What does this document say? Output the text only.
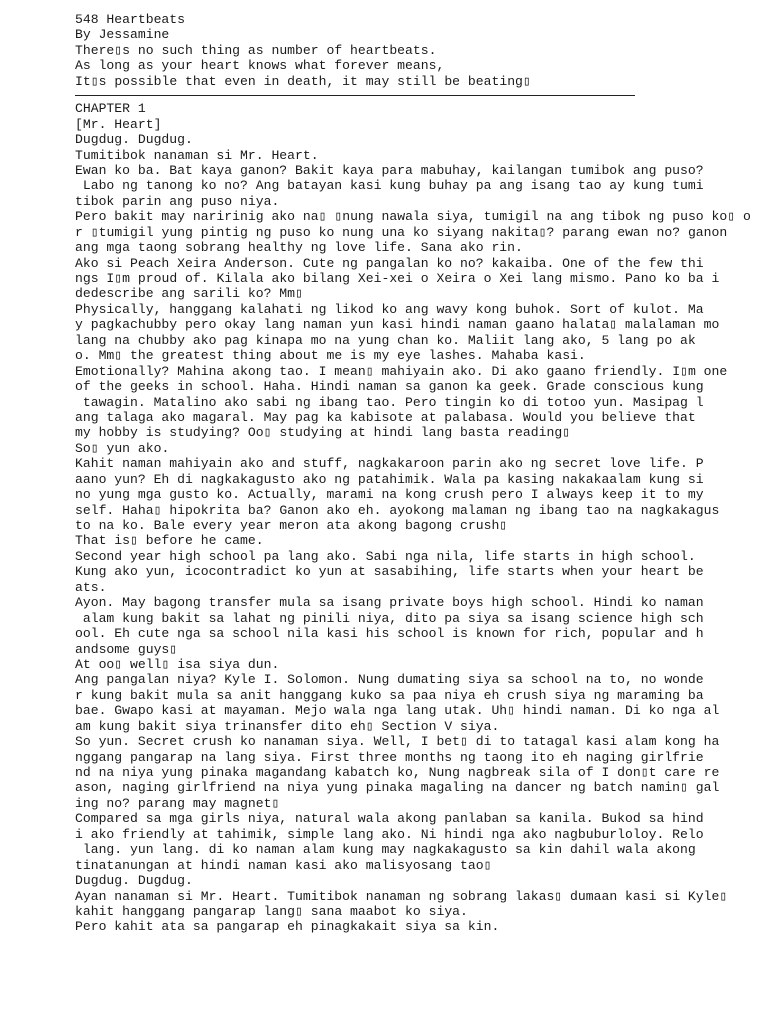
548 Heartbeats
By Jessamine
There▯s no such thing as number of heartbeats.
As long as your heart knows what forever means,
It▯s possible that even in death, it may still be beating▯
CHAPTER 1
[Mr. Heart]
Dugdug. Dugdug.
Tumitibok nanaman si Mr. Heart.
Ewan ko ba. Bat kaya ganon? Bakit kaya para mabuhay, kailangan tumibok ang puso?
Labo ng tanong ko no? Ang batayan kasi kung buhay pa ang isang tao ay kung tumi
tibok parin ang puso niya.
Pero bakit may naririnig ako na▯ ▯nung nawala siya, tumigil na ang tibok ng puso ko▯ o
r ▯tumigil yung pintig ng puso ko nung una ko siyang nakita▯? parang ewan no? ganon
ang mga taong sobrang healthy ng love life. Sana ako rin.
Ako si Peach Xeira Anderson. Cute ng pangalan ko no? kakaiba. One of the few thi
ngs I▯m proud of. Kilala ako bilang Xei-xei o Xeira o Xei lang mismo. Pano ko ba i
dedescribe ang sarili ko? Mm▯
Physically, hanggang kalahati ng likod ko ang wavy kong buhok. Sort of kulot. Ma
y pagkachubby pero okay lang naman yun kasi hindi naman gaano halata▯ malalaman mo
lang na chubby ako pag kinapa mo na yung chan ko. Maliit lang ako, 5 lang po ak
o. Mm▯ the greatest thing about me is my eye lashes. Mahaba kasi.
Emotionally? Mahina akong tao. I mean▯ mahiyain ako. Di ako gaano friendly. I▯m one
of the geeks in school. Haha. Hindi naman sa ganon ka geek. Grade conscious kung
tawagin. Matalino ako sabi ng ibang tao. Pero tingin ko di totoo yun. Masipag l
ang talaga ako magaral. May pag ka kabisote at palabasa. Would you believe that
my hobby is studying? Oo▯ studying at hindi lang basta reading▯
So▯ yun ako.
Kahit naman mahiyain ako and stuff, nagkakaroon parin ako ng secret love life. P
aano yun? Eh di nagkakagusto ako ng patahimik. Wala pa kasing nakakaalam kung si
no yung mga gusto ko. Actually, marami na kong crush pero I always keep it to my
self. Haha▯ hipokrita ba? Ganon ako eh. ayokong malaman ng ibang tao na nagkakagus
to na ko. Bale every year meron ata akong bagong crush▯
That is▯ before he came.
Second year high school pa lang ako. Sabi nga nila, life starts in high school.
Kung ako yun, icocontradict ko yun at sasabihing, life starts when your heart be
ats.
Ayon. May bagong transfer mula sa isang private boys high school. Hindi ko naman
alam kung bakit sa lahat ng pinili niya, dito pa siya sa isang science high sch
ool. Eh cute nga sa school nila kasi his school is known for rich, popular and h
andsome guys▯
At oo▯ well▯ isa siya dun.
Ang pangalan niya? Kyle I. Solomon. Nung dumating siya sa school na to, no wonde
r kung bakit mula sa anit hanggang kuko sa paa niya eh crush siya ng maraming ba
bae. Gwapo kasi at mayaman. Mejo wala nga lang utak. Uh▯ hindi naman. Di ko nga al
am kung bakit siya trinansfer dito eh▯ Section V siya.
So yun. Secret crush ko nanaman siya. Well, I bet▯ di to tatagal kasi alam kong ha
nggang pangarap na lang siya. First three months ng taong ito eh naging girlfrie
nd na niya yung pinaka magandang kabatch ko, Nung nagbreak sila of I don▯t care re
ason, naging girlfriend na niya yung pinaka magaling na dancer ng batch namin▯ gal
ing no? parang may magnet▯
Compared sa mga girls niya, natural wala akong panlaban sa kanila. Bukod sa hind
i ako friendly at tahimik, simple lang ako. Ni hindi nga ako nagbuburloloy. Relo
lang. yun lang. di ko naman alam kung may nagkakagusto sa kin dahil wala akong
tinatanungan at hindi naman kasi ako malisyosang tao▯
Dugdug. Dugdug.
Ayan nanaman si Mr. Heart. Tumitibok nanaman ng sobrang lakas▯ dumaan kasi si Kyle▯
kahit hanggang pangarap lang▯ sana maabot ko siya.
Pero kahit ata sa pangarap eh pinagkakait siya sa kin.
